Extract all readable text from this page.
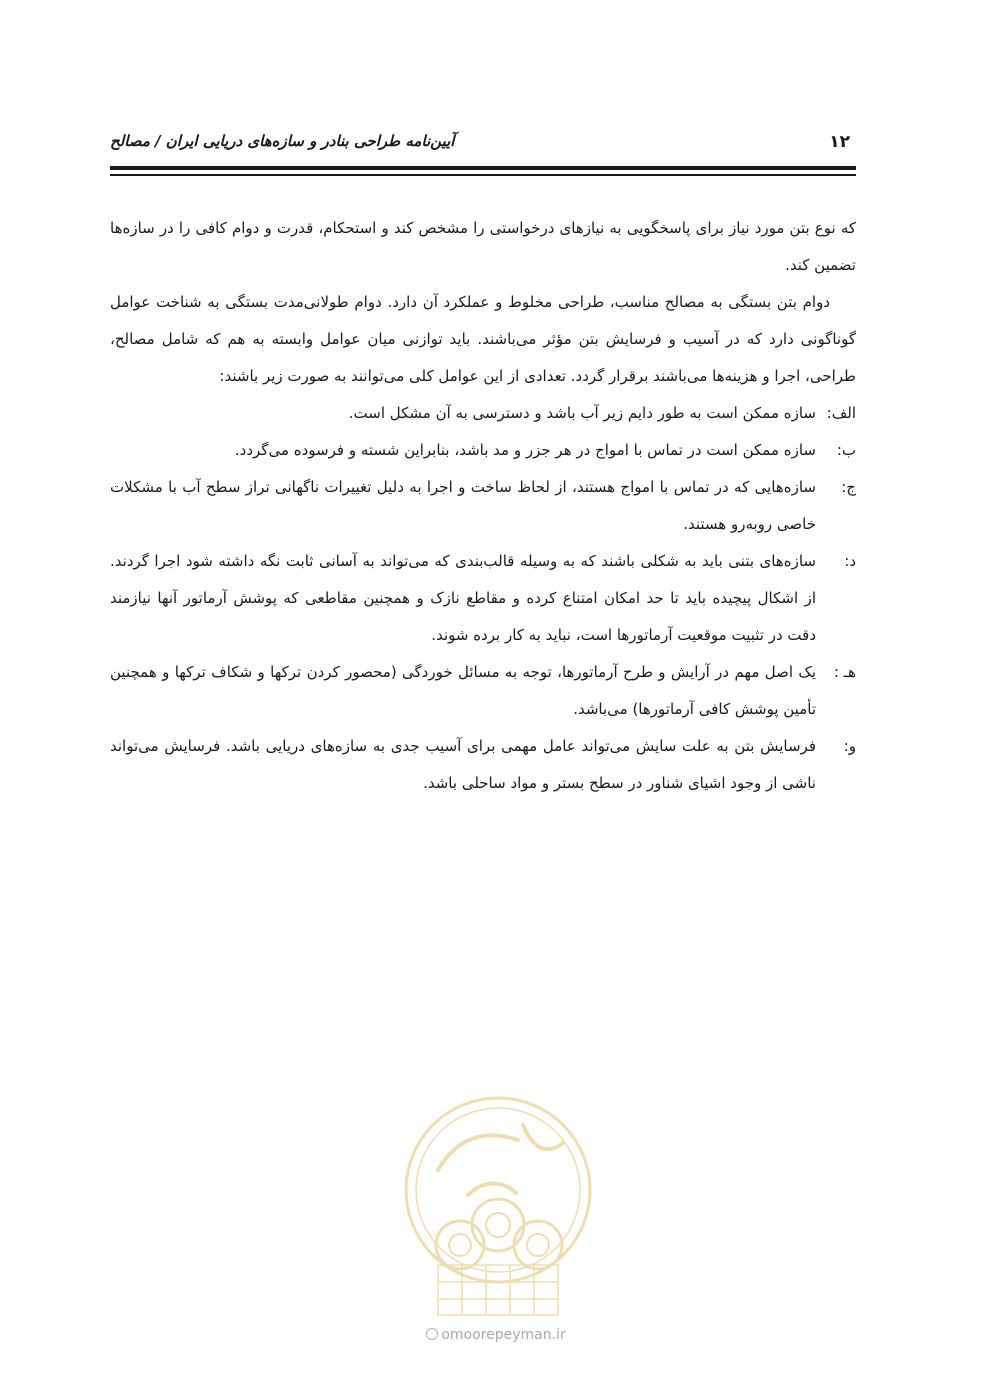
۱۲
آیین‌نامه طراحی بنادر و سازه‌های دریایی ایران / مصالح

که نوع بتن مورد نیاز برای پاسخگویی به نیازهای درخواستی را مشخص کند و استحکام، قدرت و دوام کافی را در سازه‌ها تضمین کند.

دوام بتن بستگی به مصالح مناسب، طراحی مخلوط و عملکرد آن دارد. دوام طولانی‌مدت بستگی به شناخت عوامل گوناگونی دارد که در آسیب و فرسایش بتن مؤثر می‌باشند. باید توازنی میان عوامل وابسته به هم که شامل مصالح، طراحی، اجرا و هزینه‌ها می‌باشند برقرار گردد. تعدادی از این عوامل کلی می‌توانند به صورت زیر باشند:

الف:
سازه ممکن است به طور دایم زیر آب باشد و دسترسی به آن مشکل است.
ب:
سازه ممکن است در تماس با امواج در هر جزر و مد باشد، بنابراین شسته و فرسوده می‌گردد.
ج:
سازه‌هایی که در تماس با امواج هستند، از لحاظ ساخت و اجرا به دلیل تغییرات ناگهانی تراز سطح آب با مشکلات خاصی روبه‌رو هستند.
د:
سازه‌های بتنی باید به شکلی باشند که به وسیله قالب‌بندی که می‌تواند به آسانی ثابت نگه داشته شود اجرا گردند. از اشکال پیچیده باید تا حد امکان امتناع کرده و مقاطع نازک و همچنین مقاطعی که پوشش آرماتور آنها نیازمند دقت در تثبیت موقعیت آرماتورها است، نباید به کار برده شوند.
هـ :
یک اصل مهم در آرایش و طرح آرماتورها، توجه به مسائل خوردگی (محصور کردن ترکها و شکاف ترکها و همچنین تأمین پوشش کافی آرماتورها) می‌باشد.
و:
فرسایش بتن به علت سایش می‌تواند عامل مهمی برای آسیب جدی به سازه‌های دریایی باشد. فرسایش می‌تواند ناشی از وجود اشیای شناور در سطح بستر و مواد ساحلی باشد.
omoorepeyman.ir
